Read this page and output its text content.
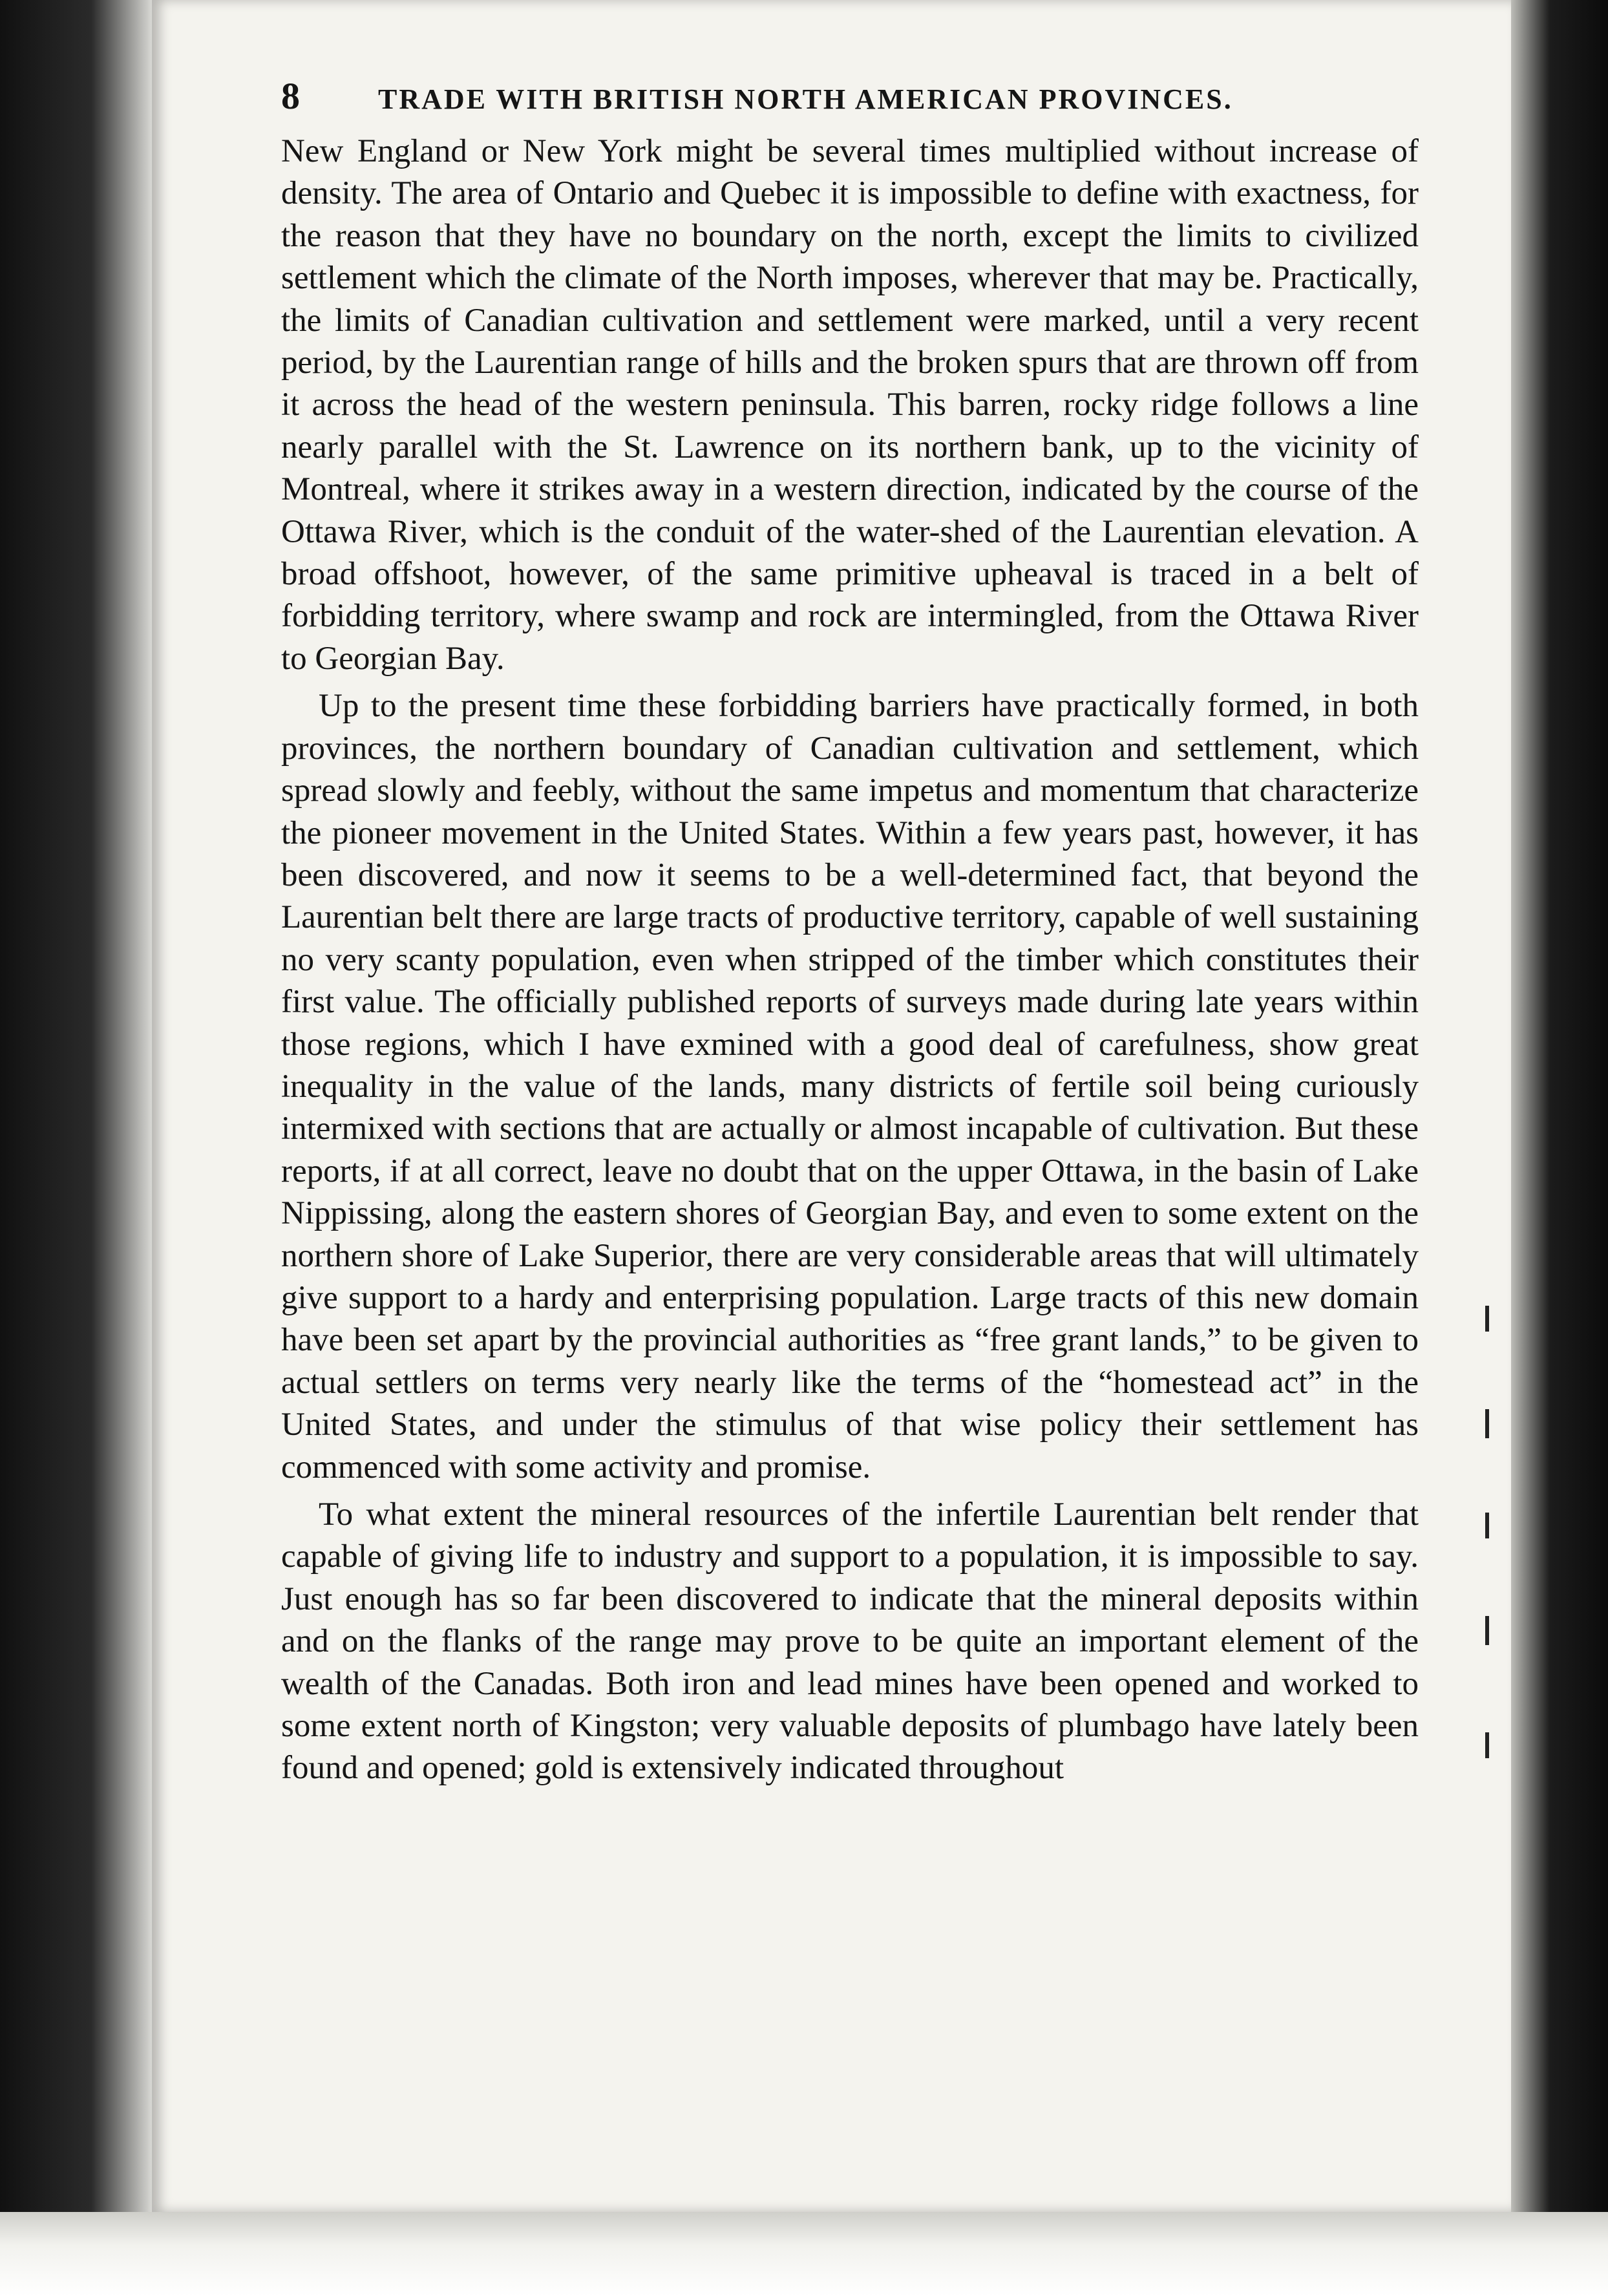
8	TRADE WITH BRITISH NORTH AMERICAN PROVINCES.

New England or New York might be several times multiplied without increase of density. The area of Ontario and Quebec it is impossible to define with exactness, for the reason that they have no boundary on the north, except the limits to civilized settlement which the climate of the North imposes, wherever that may be. Practically, the limits of Canadian cultivation and settlement were marked, until a very recent period, by the Laurentian range of hills and the broken spurs that are thrown off from it across the head of the western peninsula. This barren, rocky ridge follows a line nearly parallel with the St. Lawrence on its northern bank, up to the vicinity of Montreal, where it strikes away in a western direction, indicated by the course of the Ottawa River, which is the conduit of the water-shed of the Laurentian elevation. A broad offshoot, however, of the same primitive upheaval is traced in a belt of forbidding territory, where swamp and rock are intermingled, from the Ottawa River to Georgian Bay.

Up to the present time these forbidding barriers have practically formed, in both provinces, the northern boundary of Canadian cultivation and settlement, which spread slowly and feebly, without the same impetus and momentum that characterize the pioneer movement in the United States. Within a few years past, however, it has been discovered, and now it seems to be a well-determined fact, that beyond the Laurentian belt there are large tracts of productive territory, capable of well sustaining no very scanty population, even when stripped of the timber which constitutes their first value. The officially published reports of surveys made during late years within those regions, which I have exmined with a good deal of carefulness, show great inequality in the value of the lands, many districts of fertile soil being curiously intermixed with sections that are actually or almost incapable of cultivation. But these reports, if at all correct, leave no doubt that on the upper Ottawa, in the basin of Lake Nippissing, along the eastern shores of Georgian Bay, and even to some extent on the northern shore of Lake Superior, there are very considerable areas that will ultimately give support to a hardy and enterprising population. Large tracts of this new domain have been set apart by the provincial authorities as “free grant lands,” to be given to actual settlers on terms very nearly like the terms of the “homestead act” in the United States, and under the stimulus of that wise policy their settlement has commenced with some activity and promise.

To what extent the mineral resources of the infertile Laurentian belt render that capable of giving life to industry and support to a population, it is impossible to say. Just enough has so far been discovered to indicate that the mineral deposits within and on the flanks of the range may prove to be quite an important element of the wealth of the Canadas. Both iron and lead mines have been opened and worked to some extent north of Kingston; very valuable deposits of plumbago have lately been found and opened; gold is extensively indicated throughout
